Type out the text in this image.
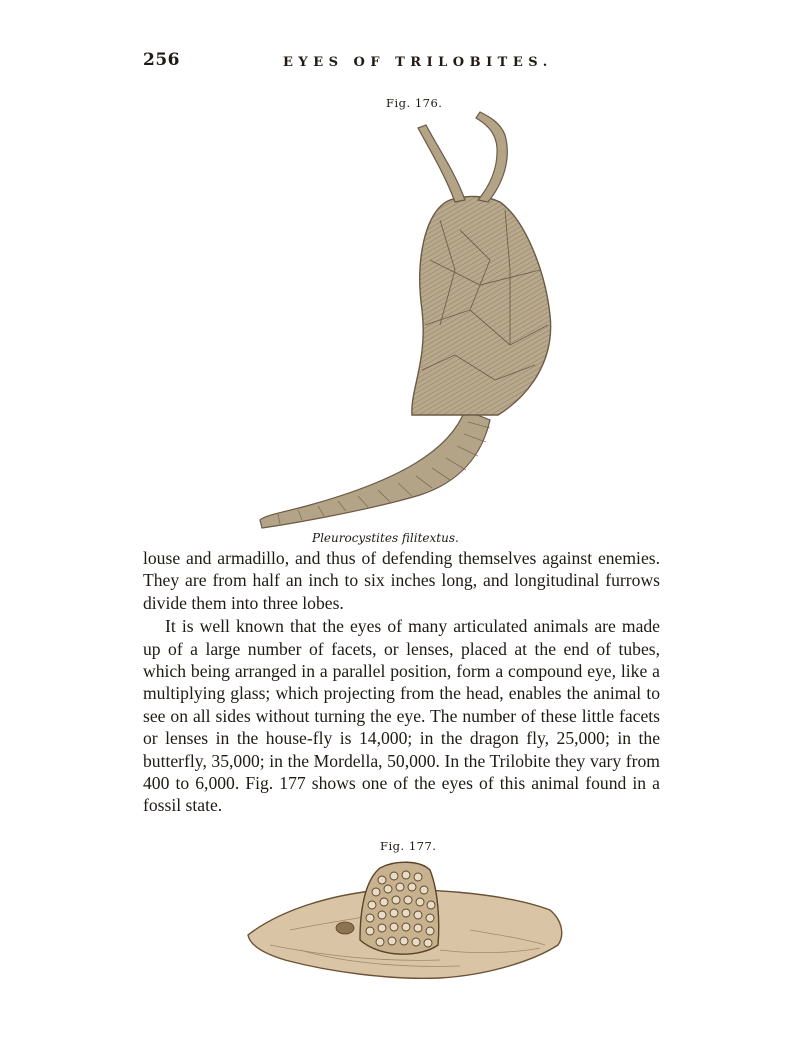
256	EYES OF TRILOBITES.
Fig. 176.
Pleurocystites filitextus.

louse and armadillo, and thus of defending themselves against enemies. They are from half an inch to six inches long, and longitudinal furrows divide them into three lobes.

It is well known that the eyes of many articulated animals are made up of a large number of facets, or lenses, placed at the end of tubes, which being arranged in a parallel position, form a compound eye, like a multiplying glass; which projecting from the head, enables the animal to see on all sides without turning the eye. The number of these little facets or lenses in the house-fly is 14,000; in the dragon fly, 25,000; in the butterfly, 35,000; in the Mordella, 50,000. In the Trilobite they vary from 400 to 6,000. Fig. 177 shows one of the eyes of this animal found in a fossil state.

Fig. 177.
